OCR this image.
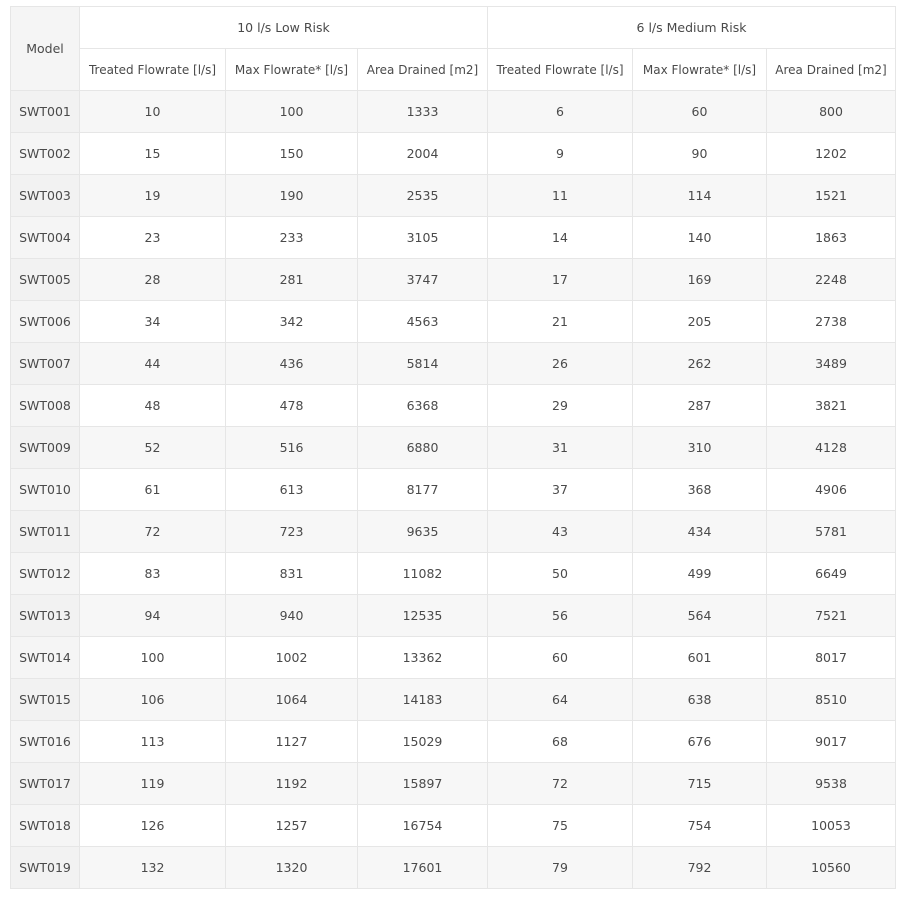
Model	10 l/s Low Risk			6 l/s Medium Risk		
	Treated Flowrate [l/s]	Max Flowrate* [l/s]	Area Drained [m2]	Treated Flowrate [l/s]	Max Flowrate* [l/s]	Area Drained [m2]
SWT001	10	100	1333	6	60	800
SWT002	15	150	2004	9	90	1202
SWT003	19	190	2535	11	114	1521
SWT004	23	233	3105	14	140	1863
SWT005	28	281	3747	17	169	2248
SWT006	34	342	4563	21	205	2738
SWT007	44	436	5814	26	262	3489
SWT008	48	478	6368	29	287	3821
SWT009	52	516	6880	31	310	4128
SWT010	61	613	8177	37	368	4906
SWT011	72	723	9635	43	434	5781
SWT012	83	831	11082	50	499	6649
SWT013	94	940	12535	56	564	7521
SWT014	100	1002	13362	60	601	8017
SWT015	106	1064	14183	64	638	8510
SWT016	113	1127	15029	68	676	9017
SWT017	119	1192	15897	72	715	9538
SWT018	126	1257	16754	75	754	10053
SWT019	132	1320	17601	79	792	10560
